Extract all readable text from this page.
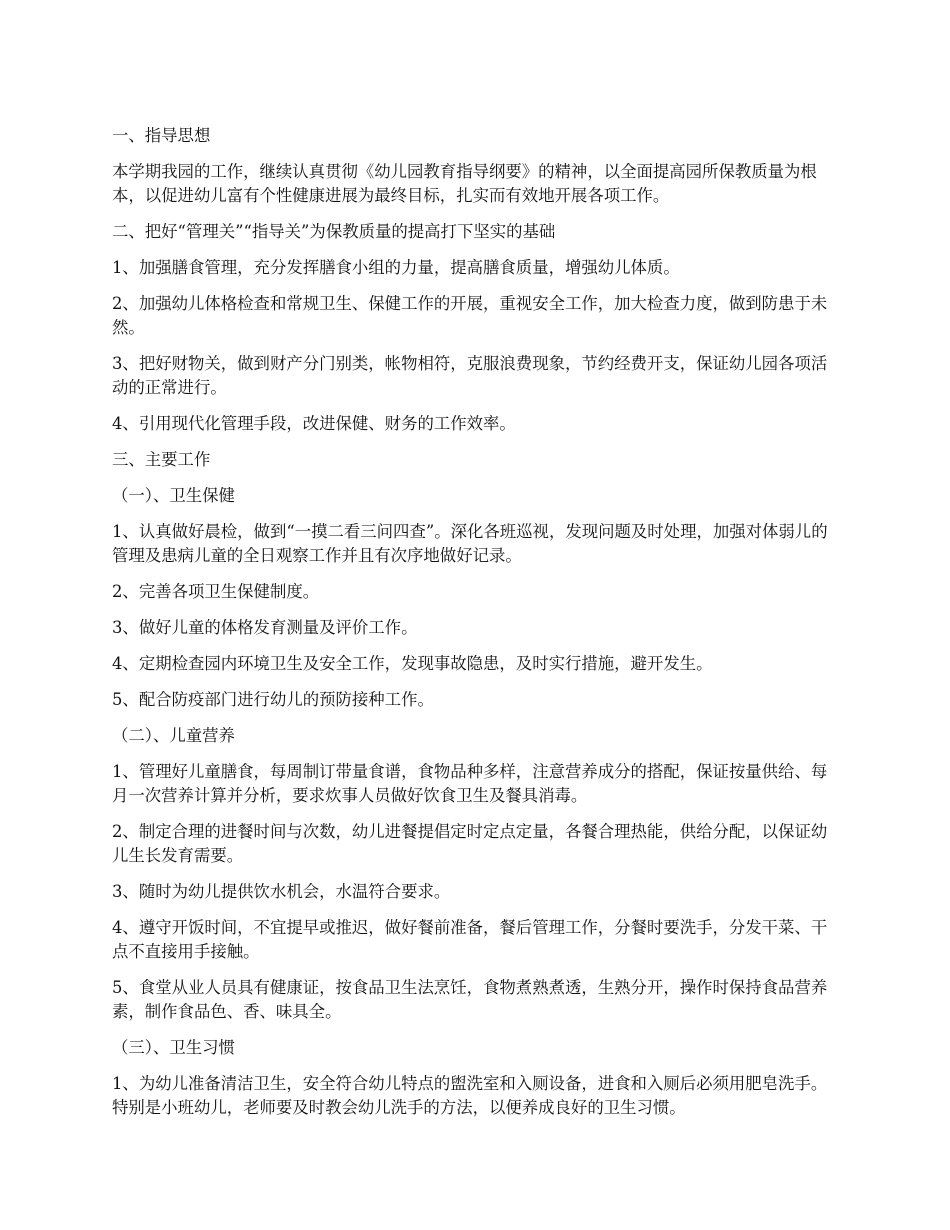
一、指导思想

本学期我园的工作，继续认真贯彻《幼儿园教育指导纲要》的精神，以全面提高园所保教质量为根本，以促进幼儿富有个性健康进展为最终目标，扎实而有效地开展各项工作。

二、把好“管理关”“指导关”为保教质量的提高打下坚实的基础

1、加强膳食管理，充分发挥膳食小组的力量，提高膳食质量，增强幼儿体质。

2、加强幼儿体格检查和常规卫生、保健工作的开展，重视安全工作，加大检查力度，做到防患于未然。

3、把好财物关，做到财产分门别类，帐物相符，克服浪费现象，节约经费开支，保证幼儿园各项活动的正常进行。

4、引用现代化管理手段，改进保健、财务的工作效率。

三、主要工作

（一）、卫生保健

1、认真做好晨检，做到“一摸二看三问四查”。深化各班巡视，发现问题及时处理，加强对体弱儿的管理及患病儿童的全日观察工作并且有次序地做好记录。

2、完善各项卫生保健制度。

3、做好儿童的体格发育测量及评价工作。

4、定期检查园内环境卫生及安全工作，发现事故隐患，及时实行措施，避开发生。

5、配合防疫部门进行幼儿的预防接种工作。

（二）、儿童营养

1、管理好儿童膳食，每周制订带量食谱，食物品种多样，注意营养成分的搭配，保证按量供给、每月一次营养计算并分析，要求炊事人员做好饮食卫生及餐具消毒。

2、制定合理的进餐时间与次数，幼儿进餐提倡定时定点定量，各餐合理热能，供给分配，以保证幼儿生长发育需要。

3、随时为幼儿提供饮水机会，水温符合要求。

4、遵守开饭时间，不宜提早或推迟，做好餐前准备，餐后管理工作，分餐时要洗手，分发干菜、干点不直接用手接触。

5、食堂从业人员具有健康证，按食品卫生法烹饪，食物煮熟煮透，生熟分开，操作时保持食品营养素，制作食品色、香、味具全。

（三）、卫生习惯

1、为幼儿准备清洁卫生，安全符合幼儿特点的盥洗室和入厕设备，进食和入厕后必须用肥皂洗手。特别是小班幼儿，老师要及时教会幼儿洗手的方法，以便养成良好的卫生习惯。
